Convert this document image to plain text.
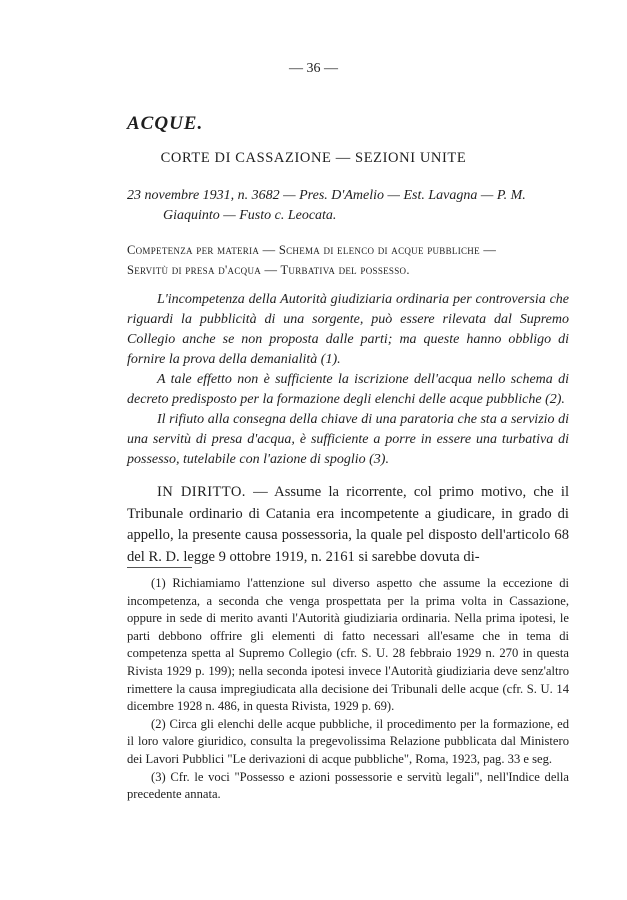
— 36 —
ACQUE.
CORTE DI CASSAZIONE — SEZIONI UNITE
23 novembre 1931, n. 3682 — Pres. D'Amelio — Est. Lavagna — P. M.
Giaquinto — Fusto c. Leocata.
Competenza per materia — Schema di elenco di acque pubbliche —
Servitù di presa d'acqua — Turbativa del possesso.

L'incompetenza della Autorità giudiziaria ordinaria per controversia che riguardi la pubblicità di una sorgente, può essere rilevata dal Supremo Collegio anche se non proposta dalle parti; ma queste hanno obbligo di fornire la prova della demanialità (1).

A tale effetto non è sufficiente la iscrizione dell'acqua nello schema di decreto predisposto per la formazione degli elenchi delle acque pubbliche (2).

Il rifiuto alla consegna della chiave di una paratoria che sta a servizio di una servitù di presa d'acqua, è sufficiente a porre in essere una turbativa di possesso, tutelabile con l'azione di spoglio (3).

IN DIRITTO. — Assume la ricorrente, col primo motivo, che il Tribunale ordinario di Catania era incompetente a giudicare, in grado di appello, la presente causa possessoria, la quale pel disposto dell'articolo 68 del R. D. legge 9 ottobre 1919, n. 2161 si sarebbe dovuta di-

(1) Richiamiamo l'attenzione sul diverso aspetto che assume la eccezione di incompetenza, a seconda che venga prospettata per la prima volta in Cassazione, oppure in sede di merito avanti l'Autorità giudiziaria ordinaria. Nella prima ipotesi, le parti debbono offrire gli elementi di fatto necessari all'esame che in tema di competenza spetta al Supremo Collegio (cfr. S. U. 28 febbraio 1929 n. 270 in questa Rivista 1929 p. 199); nella seconda ipotesi invece l'Autorità giudiziaria deve senz'altro rimettere la causa impregiudicata alla decisione dei Tribunali delle acque (cfr. S. U. 14 dicembre 1928 n. 486, in questa Rivista, 1929 p. 69).

(2) Circa gli elenchi delle acque pubbliche, il procedimento per la formazione, ed il loro valore giuridico, consulta la pregevolissima Relazione pubblicata dal Ministero dei Lavori Pubblici "Le derivazioni di acque pubbliche", Roma, 1923, pag. 33 e seg.

(3) Cfr. le voci "Possesso e azioni possessorie e servitù legali", nell'Indice della precedente annata.
